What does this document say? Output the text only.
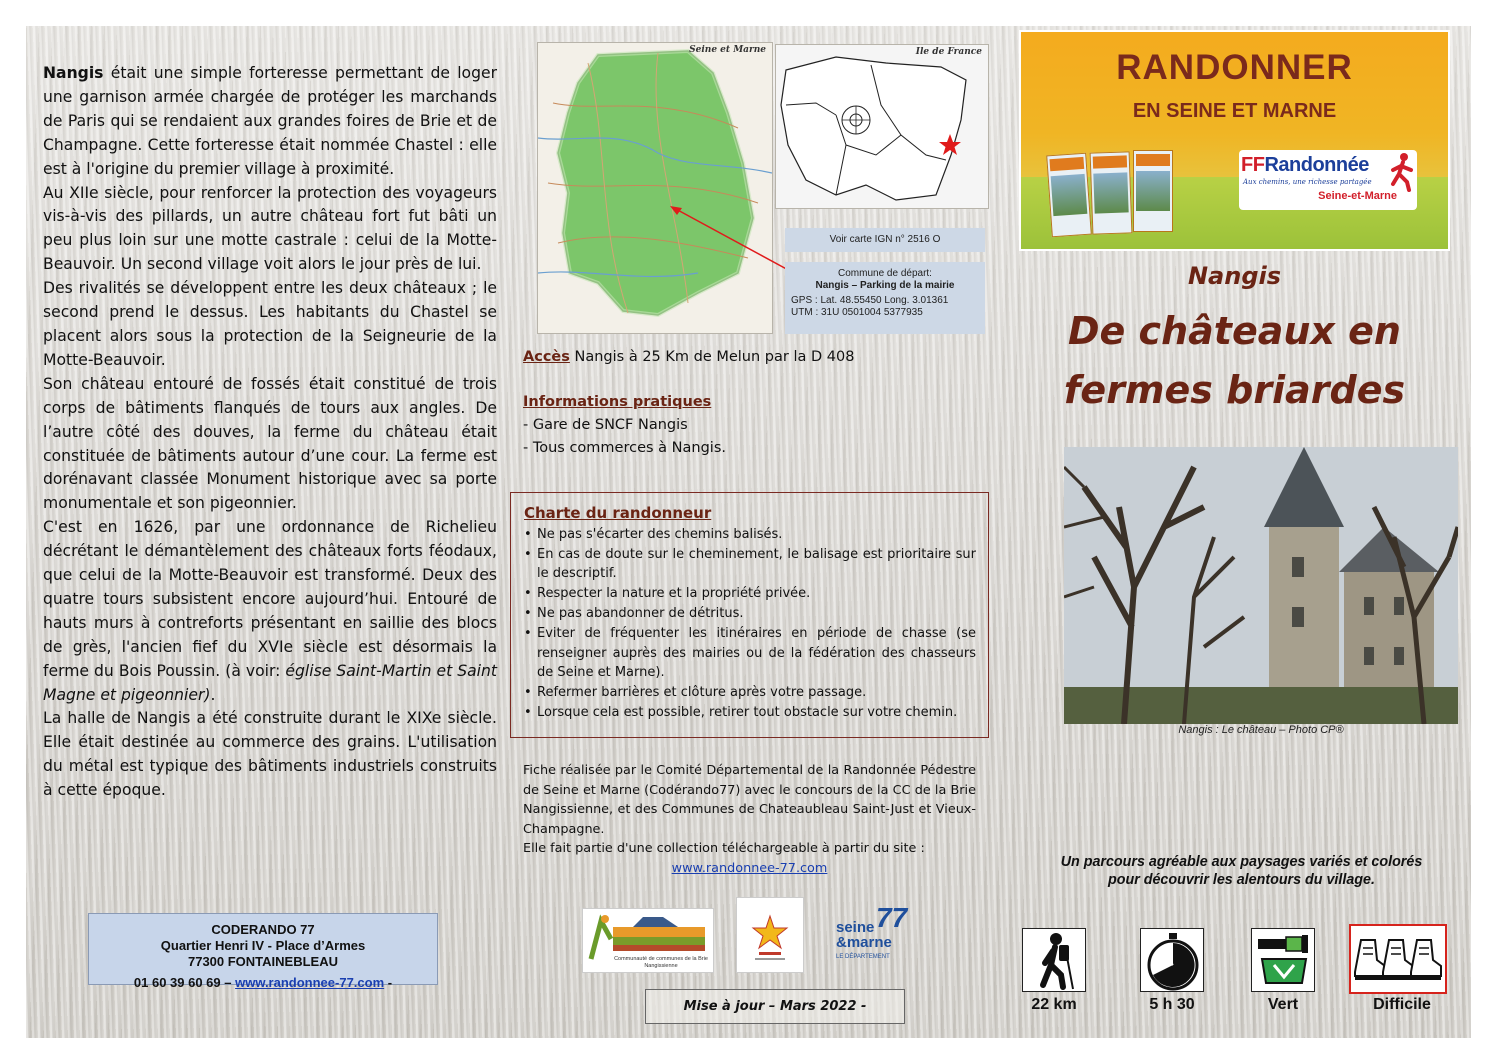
Nangis était une simple forteresse permettant de loger une garnison armée chargée de protéger les marchands de Paris qui se rendaient aux grandes foires de Brie et de Champagne. Cette forteresse était nommée Chastel : elle est à l'origine du premier village à proximité.

Au XIIe siècle, pour renforcer la protection des voyageurs vis-à-vis des pillards, un autre château fort fut bâti un peu plus loin sur une motte castrale : celui de la Motte-Beauvoir. Un second village voit alors le jour près de lui.

Des rivalités se développent entre les deux châteaux ; le second prend le dessus. Les habitants du Chastel se placent alors sous la protection de la Seigneurie de la Motte-Beauvoir.

Son château entouré de fossés était constitué de trois corps de bâtiments flanqués de tours aux angles. De l’autre côté des douves, la ferme du château était constituée de bâtiments autour d’une cour. La ferme est dorénavant classée Monument historique avec sa porte monumentale et son pigeonnier.

C'est en 1626, par une ordonnance de Richelieu décrétant le démantèlement des châteaux forts féodaux, que celui de la Motte-Beauvoir est transformé. Deux des quatre tours subsistent encore aujourd’hui. Entouré de hauts murs à contreforts présentant en saillie des blocs de grès, l'ancien fief du XVIe siècle est désormais la ferme du Bois Poussin. (à voir: église Saint-Martin et Saint Magne et pigeonnier).

La halle de Nangis a été construite durant le XIXe siècle. Elle était destinée au commerce des grains. L'utilisation du métal est typique des bâtiments industriels construits à cette époque.

CODERANDO 77
Quartier Henri IV - Place d’Armes
77300 FONTAINEBLEAU
01 60 39 60 69 – www.randonnee-77.com -
Seine et Marne	Ile de France
Voir carte IGN n° 2516 O
Commune de départ:
Nangis – Parking de la mairie
GPS : Lat. 48.55450 Long. 3.01361
UTM : 31U 0501004 5377935
Accès Nangis à 25 Km de Melun par la D 408
Informations pratiques
- Gare de SNCF Nangis
- Tous commerces à Nangis.
Charte du randonneur
• Ne pas s'écarter des chemins balisés.
• En cas de doute sur le cheminement, le balisage est prioritaire sur le descriptif.
• Respecter la nature et la propriété privée.
• Ne pas abandonner de détritus.
• Eviter de fréquenter les itinéraires en période de chasse (se renseigner auprès des mairies ou de la fédération des chasseurs de Seine et Marne).
• Refermer barrières et clôture après votre passage.
• Lorsque cela est possible, retirer tout obstacle sur votre chemin.
Fiche réalisée par le Comité Départemental de la Randonnée Pédestre de Seine et Marne (Codérando77) avec le concours de la CC de la Brie Nangissienne, et des Communes de Chateaubleau Saint-Just et Vieux-Champagne.
Elle fait partie d'une collection téléchargeable à partir du site :
www.randonnee-77.com
Communauté de communes de la Brie Nangissienne
seine
&marne
77
LE DÉPARTEMENT
Mise à jour – Mars 2022 -
RANDONNER
EN SEINE ET MARNE
FFRandonnée
Aux chemins, une richesse partagée
Seine-et-Marne
Nangis
De châteaux en
fermes briardes
Nangis : Le château – Photo CP®
Un parcours agréable aux paysages variés et colorés
pour découvrir les alentours du village.
22 km	5 h 30	Vert	Difficile
